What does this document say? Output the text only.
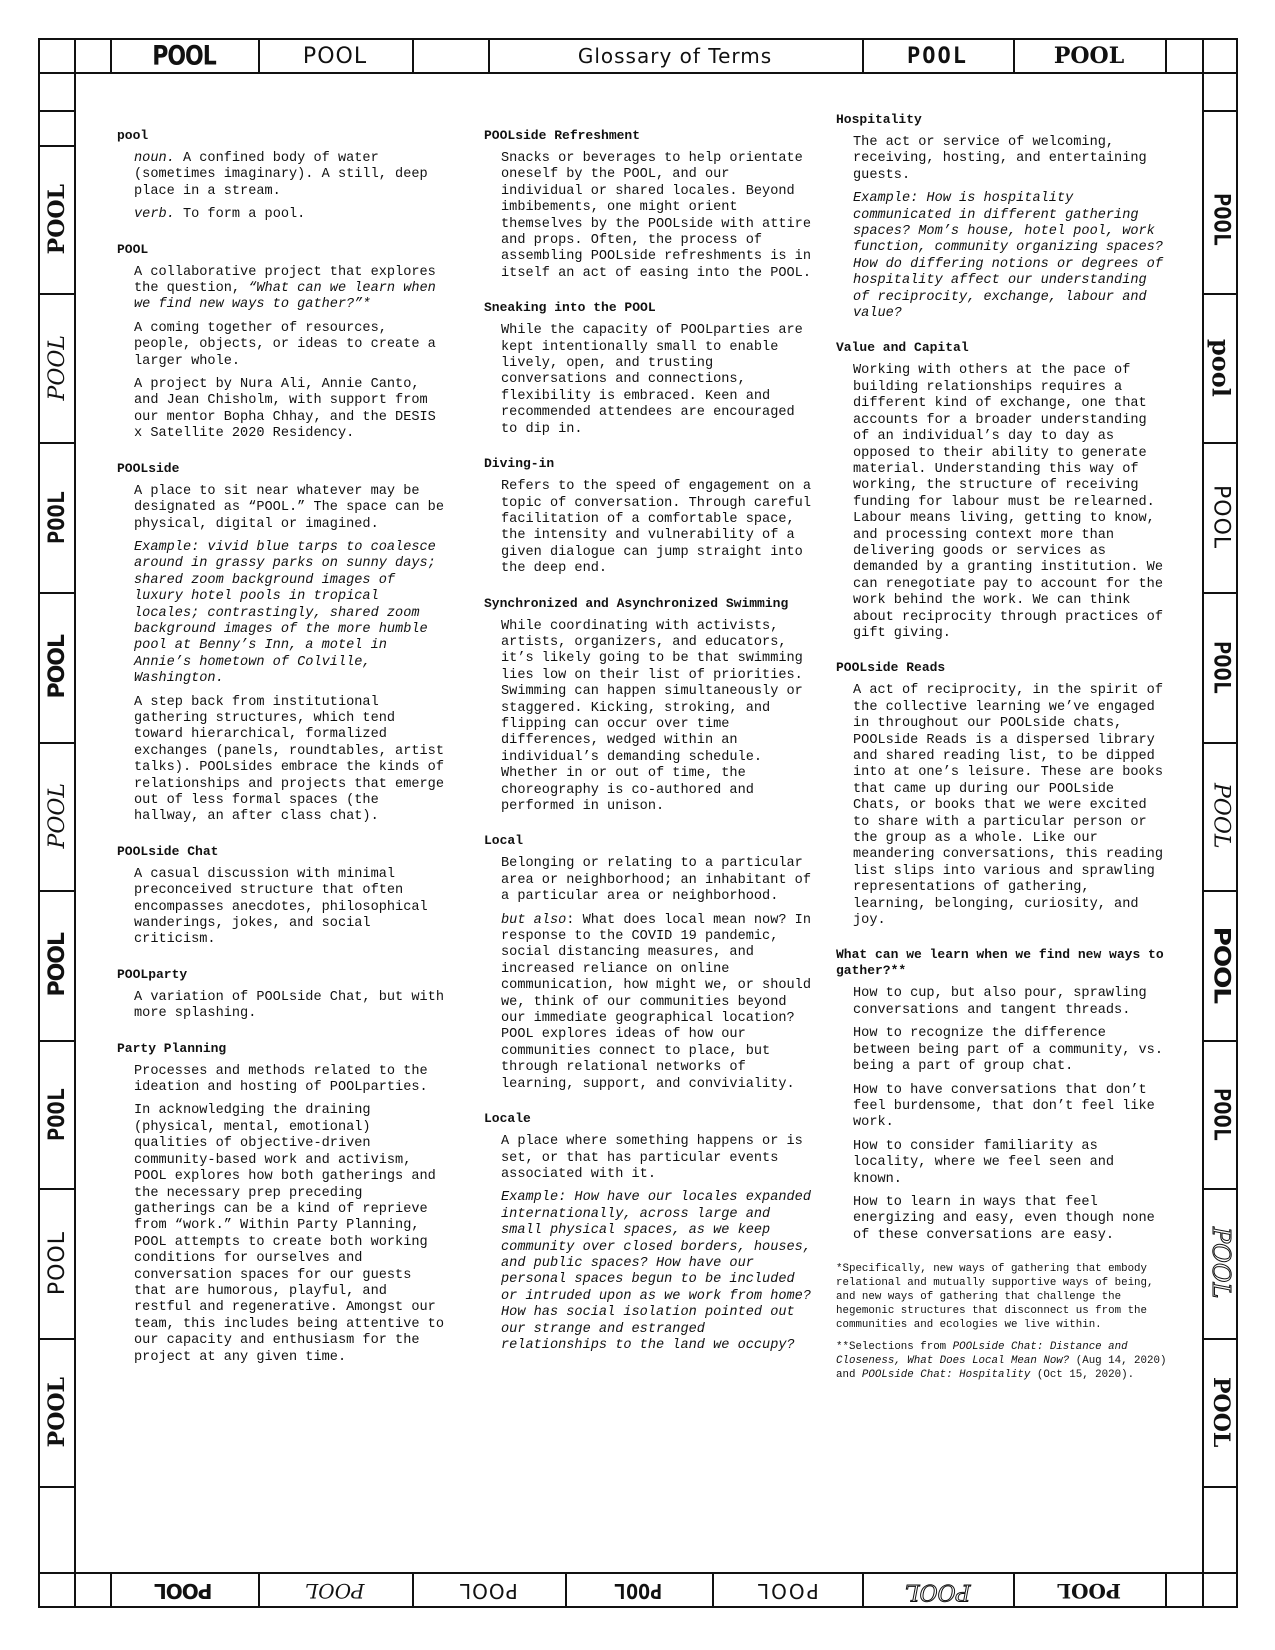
POOL	POOL	Glossary of Terms	POOL	POOL
POOL	POOL	POOL	POOL	POOL	POOL	POOL
POOL
POOL
POOL
POOL
POOL
POOL
POOL
POOL
POOL
POOL
pool
POOL
POOL
POOL
POOL
POOL
POOL
POOL
pool
noun. A confined body of water (sometimes imaginary). A still, deep place in a stream.
verb. To form a pool.
POOL
A collaborative project that explores the question, “What can we learn when we find new ways to gather?”*
A coming together of resources, people, objects, or ideas to create a larger whole.
A project by Nura Ali, Annie Canto, and Jean Chisholm, with support from our mentor Bopha Chhay, and the DESIS x Satellite 2020 Residency.
POOLside
A place to sit near whatever may be designated as “POOL.” The space can be physical, digital or imagined.
Example: vivid blue tarps to coalesce around in grassy parks on sunny days; shared zoom background images of luxury hotel pools in tropical locales; contrastingly, shared zoom background images of the more humble pool at Benny’s Inn, a motel in Annie’s hometown of Colville, Washington.
A step back from institutional gathering structures, which tend toward hierarchical, formalized exchanges (panels, roundtables, artist talks). POOLsides embrace the kinds of relationships and projects that emerge out of less formal spaces (the hallway, an after class chat).
POOLside Chat
A casual discussion with minimal preconceived structure that often encompasses anecdotes, philosophical wanderings, jokes, and social criticism.
POOLparty
A variation of POOLside Chat, but with more splashing.
Party Planning
Processes and methods related to the ideation and hosting of POOLparties.
In acknowledging the draining (physical, mental, emotional) qualities of objective-driven community-based work and activism, POOL explores how both gatherings and the necessary prep preceding gatherings can be a kind of reprieve from “work.” Within Party Planning, POOL attempts to create both working conditions for ourselves and conversation spaces for our guests that are humorous, playful, and restful and regenerative. Amongst our team, this includes being attentive to our capacity and enthusiasm for the project at any given time.
POOLside Refreshment
Snacks or beverages to help orientate oneself by the POOL, and our individual or shared locales. Beyond imbibements, one might orient themselves by the POOLside with attire and props. Often, the process of assembling POOLside refreshments is in itself an act of easing into the POOL.
Sneaking into the POOL
While the capacity of POOLparties are kept intentionally small to enable lively, open, and trusting conversations and connections, flexibility is embraced. Keen and recommended attendees are encouraged to dip in.
Diving-in
Refers to the speed of engagement on a topic of conversation. Through careful facilitation of a comfortable space, the intensity and vulnerability of a given dialogue can jump straight into the deep end.
Synchronized and Asynchronized Swimming
While coordinating with activists, artists, organizers, and educators, it’s likely going to be that swimming lies low on their list of priorities. Swimming can happen simultaneously or staggered. Kicking, stroking, and flipping can occur over time differences, wedged within an individual’s demanding schedule. Whether in or out of time, the choreography is co-authored and performed in unison.
Local
Belonging or relating to a particular area or neighborhood; an inhabitant of a particular area or neighborhood.
but also: What does local mean now? In response to the COVID 19 pandemic, social distancing measures, and increased reliance on online communication, how might we, or should we, think of our communities beyond our immediate geographical location? POOL explores ideas of how our communities connect to place, but through relational networks of learning, support, and conviviality.
Locale
A place where something happens or is set, or that has particular events associated with it.
Example: How have our locales expanded internationally, across large and small physical spaces, as we keep community over closed borders, houses, and public spaces? How have our personal spaces begun to be included or intruded upon as we work from home? How has social isolation pointed out our strange and estranged relationships to the land we occupy?
Hospitality
The act or service of welcoming, receiving, hosting, and entertaining guests.
Example: How is hospitality communicated in different gathering spaces? Mom’s house, hotel pool, work function, community organizing spaces? How do differing notions or degrees of hospitality affect our understanding of reciprocity, exchange, labour and value?
Value and Capital
Working with others at the pace of building relationships requires a different kind of exchange, one that accounts for a broader understanding of an individual’s day to day as opposed to their ability to generate material. Understanding this way of working, the structure of receiving funding for labour must be relearned. Labour means living, getting to know, and processing context more than delivering goods or services as demanded by a granting institution. We can renegotiate pay to account for the work behind the work. We can think about reciprocity through practices of gift giving.
POOLside Reads
A act of reciprocity, in the spirit of the collective learning we’ve engaged in throughout our POOLside chats, POOLside Reads is a dispersed library and shared reading list, to be dipped into at one’s leisure. These are books that came up during our POOLside Chats, or books that we were excited to share with a particular person or the group as a whole. Like our meandering conversations, this reading list slips into various and sprawling representations of gathering, learning, belonging, curiosity, and joy.
What can we learn when we find new ways to gather?**
How to cup, but also pour, sprawling conversations and tangent threads.
How to recognize the difference between being part of a community, vs. being a part of group chat.
How to have conversations that don’t feel burdensome, that don’t feel like work.
How to consider familiarity as locality, where we feel seen and known.
How to learn in ways that feel energizing and easy, even though none of these conversations are easy.
*Specifically, new ways of gathering that embody relational and mutually supportive ways of being, and new ways of gathering that challenge the hegemonic structures that disconnect us from the communities and ecologies we live within.
**Selections from POOLside Chat: Distance and Closeness, What Does Local Mean Now? (Aug 14, 2020) and POOLside Chat: Hospitality (Oct 15, 2020).
